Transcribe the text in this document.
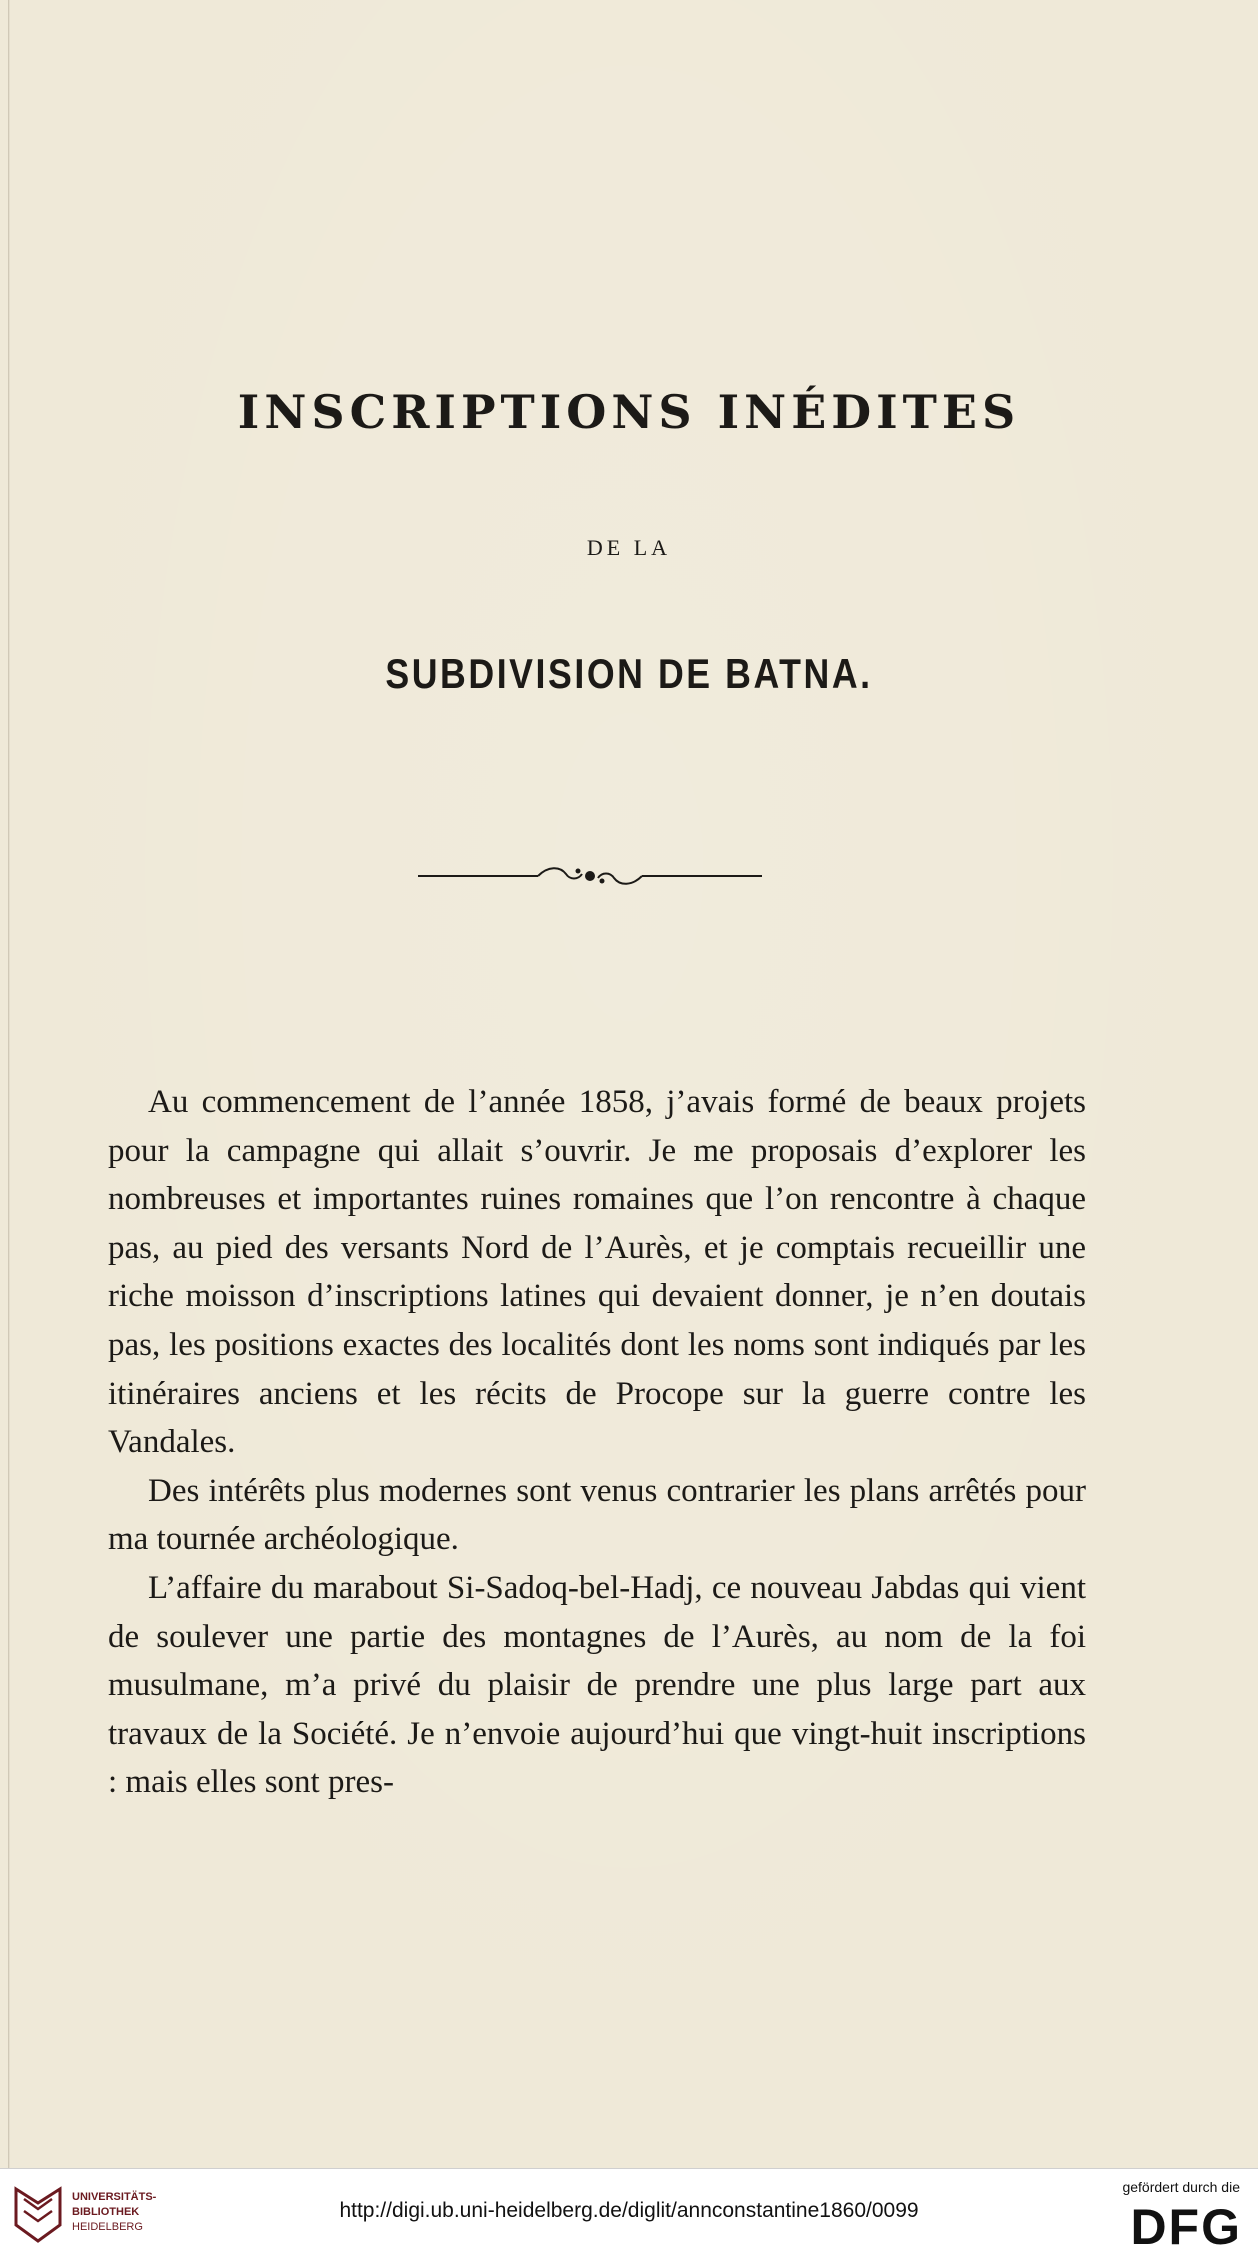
INSCRIPTIONS INÉDITES
DE LA
SUBDIVISION DE BATNA.

Au commencement de l’année 1858, j’avais formé de beaux projets pour la campagne qui allait s’ouvrir. Je me proposais d’explorer les nombreuses et importantes ruines romaines que l’on rencontre à chaque pas, au pied des versants Nord de l’Aurès, et je comptais recueillir une riche moisson d’inscriptions latines qui devaient donner, je n’en doutais pas, les positions exactes des localités dont les noms sont indiqués par les itinéraires anciens et les récits de Procope sur la guerre contre les Vandales.

Des intérêts plus modernes sont venus contrarier les plans arrêtés pour ma tournée archéologique.

L’affaire du marabout Si-Sadoq-bel-Hadj, ce nouveau Jabdas qui vient de soulever une partie des montagnes de l’Aurès, au nom de la foi musulmane, m’a privé du plaisir de prendre une plus large part aux travaux de la Société. Je n’envoie aujourd’hui que vingt-huit inscriptions : mais elles sont pres-

UNIVERSITÄTS-
BIBLIOTHEK
HEIDELBERG
http://digi.ub.uni-heidelberg.de/diglit/annconstantine1860/0099
gefördert durch die
DFG
